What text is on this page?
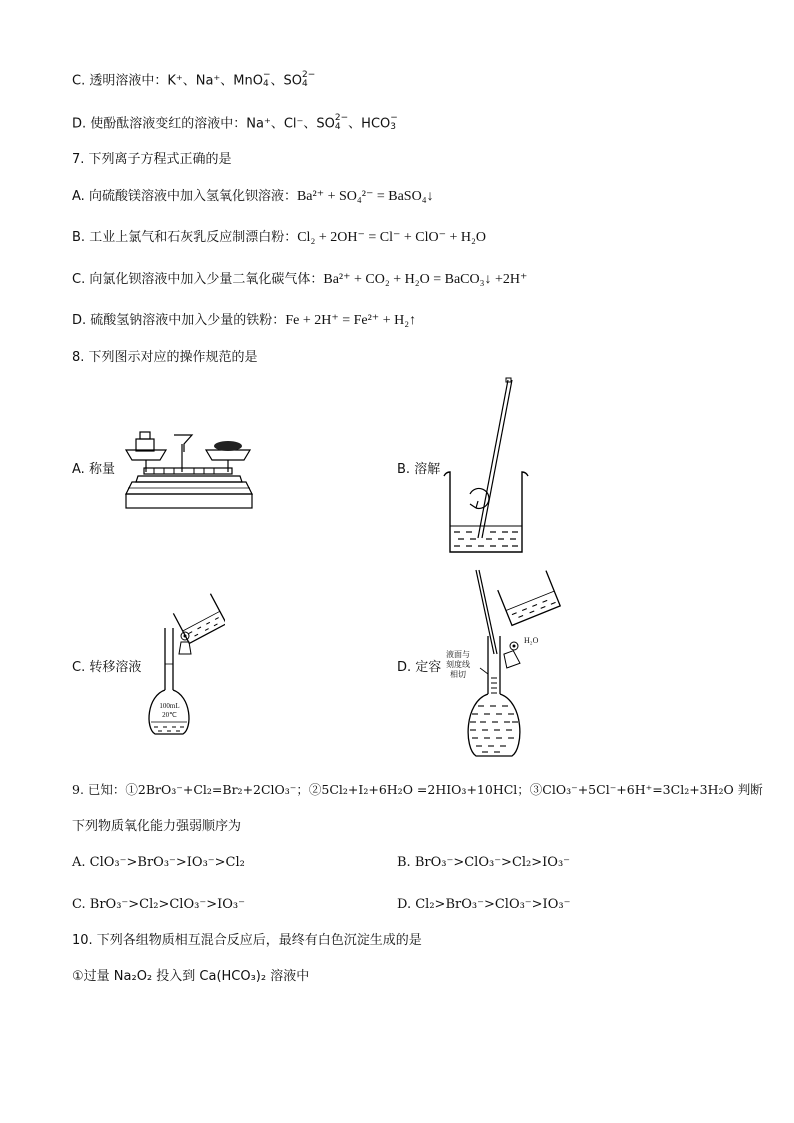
C. 透明溶液中：K⁺、Na⁺、MnO −
4 、SO 2−
4
D. 使酚酞溶液变红的溶液中：Na⁺、Cl⁻、SO 2−
4 、HCO −
3
7. 下列离子方程式正确的是
A. 向硫酸镁溶液中加入氢氧化钡溶液：Ba²⁺ + SO₄²⁻ = BaSO₄↓
B. 工业上氯气和石灰乳反应制漂白粉：Cl₂ + 2OH⁻ = Cl⁻ + ClO⁻ + H₂O
C. 向氯化钡溶液中加入少量二氧化碳气体：Ba²⁺ + CO₂ + H₂O = BaCO₃↓ +2H⁺
D. 硫酸氢钠溶液中加入少量的铁粉：Fe + 2H⁺ = Fe²⁺ + H₂↑
8. 下列图示对应的操作规范的是
A. 称量	B. 溶解
C. 转移溶液
100mL
20℃
D. 定容
液面与
刻度线
相切
H₂O
9. 已知：①2BrO₃⁻+Cl₂=Br₂+2ClO₃⁻；②5Cl₂+I₂+6H₂O =2HIO₃+10HCl；③ClO₃⁻+5Cl⁻+6H⁺=3Cl₂+3H₂O 判断
下列物质氧化能力强弱顺序为
A. ClO₃⁻>BrO₃⁻>IO₃⁻>Cl₂	B. BrO₃⁻>ClO₃⁻>Cl₂>IO₃⁻
C. BrO₃⁻>Cl₂>ClO₃⁻>IO₃⁻	D. Cl₂>BrO₃⁻>ClO₃⁻>IO₃⁻
10. 下列各组物质相互混合反应后，最终有白色沉淀生成的是
①过量 Na₂O₂ 投入到 Ca(HCO₃)₂ 溶液中
